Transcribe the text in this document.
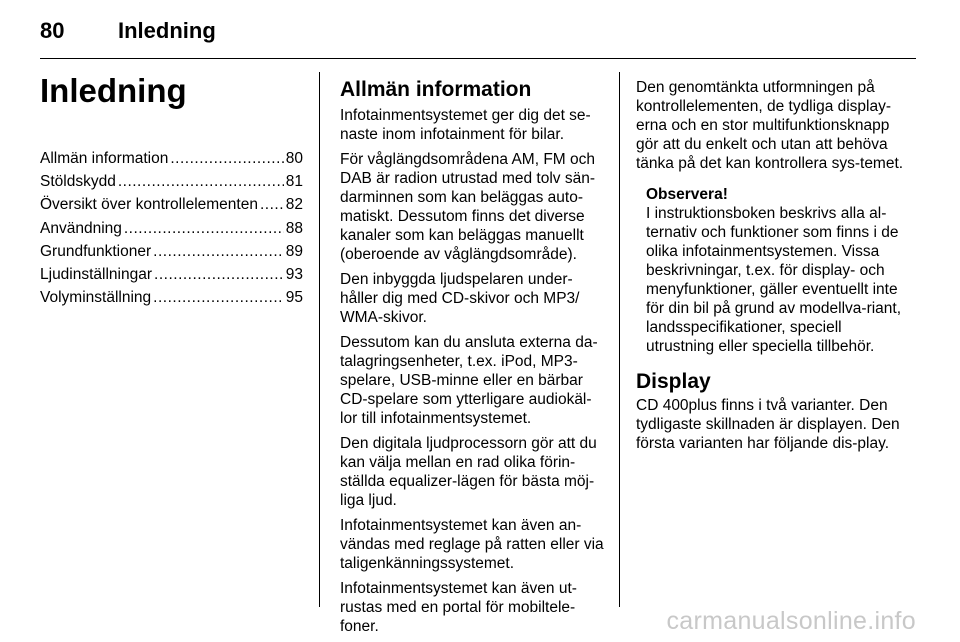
80 Inledning
Inledning
Allmän information .....	80
Stöldskydd .....	81
Översikt över kontrollelementen ..... 82
Användning .....	88
Grundfunktioner .....	89
Ljudinställningar .....	93
Volyminställning .....	95
Allmän information

Infotainmentsystemet ger dig det se-naste inom infotainment för bilar.

För våglängdsområdena AM, FM och DAB är radion utrustad med tolv sän-darminnen som kan beläggas auto-matiskt. Dessutom finns det diverse kanaler som kan beläggas manuellt (oberoende av våglängdsområde).

Den inbyggda ljudspelaren under-håller dig med CD-skivor och MP3/ WMA-skivor.

Dessutom kan du ansluta externa da-talagringsenheter, t.ex. iPod, MP3-spelare, USB-minne eller en bärbar CD-spelare som ytterligare audiokäl-lor till infotainmentsystemet.

Den digitala ljudprocessorn gör att du kan välja mellan en rad olika förin-ställda equalizer-lägen för bästa möj-liga ljud.

Infotainmentsystemet kan även an-vändas med reglage på ratten eller via taligenkänningssystemet.

Infotainmentsystemet kan även ut-rustas med en portal för mobiltele-foner.

Den genomtänkta utformningen på kontrollelementen, de tydliga display-erna och en stor multifunktionsknapp gör att du enkelt och utan att behöva tänka på det kan kontrollera sys-temet.

Observera!
I instruktionsboken beskrivs alla al-ternativ och funktioner som finns i de olika infotainmentsystemen. Vissa beskrivningar, t.ex. för display- och menyfunktioner, gäller eventuellt inte för din bil på grund av modellva-riant, landsspecifikationer, speciell utrustning eller speciella tillbehör.
Display

CD 400plus finns i två varianter. Den tydligaste skillnaden är displayen. Den första varianten har följande dis-play.

carmanualsonline.info
